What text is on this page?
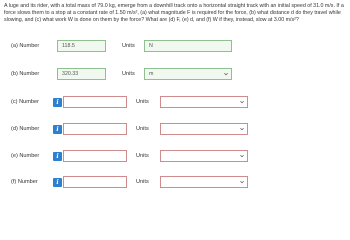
A luge and its rider, with a total mass of 79.0 kg, emerge from a downhill track onto a horizontal straight track with an initial speed of 31.0 m/s. If a force slows them to a stop at a constant rate of 1.50 m/s², (a) what magnitude F is required for the force, (b) what distance d do they travel while slowing, and (c) what work W is done on them by the force? What are (d) F, (e) d, and (f) W if they, instead, slow at 3.00 m/s²?
(a) Number	118.5	Units	N
(b) Number	320.33	Units	m
(c) Number	i	Units
(d) Number	i	Units
(e) Number	i	Units
(f) Number	i	Units
